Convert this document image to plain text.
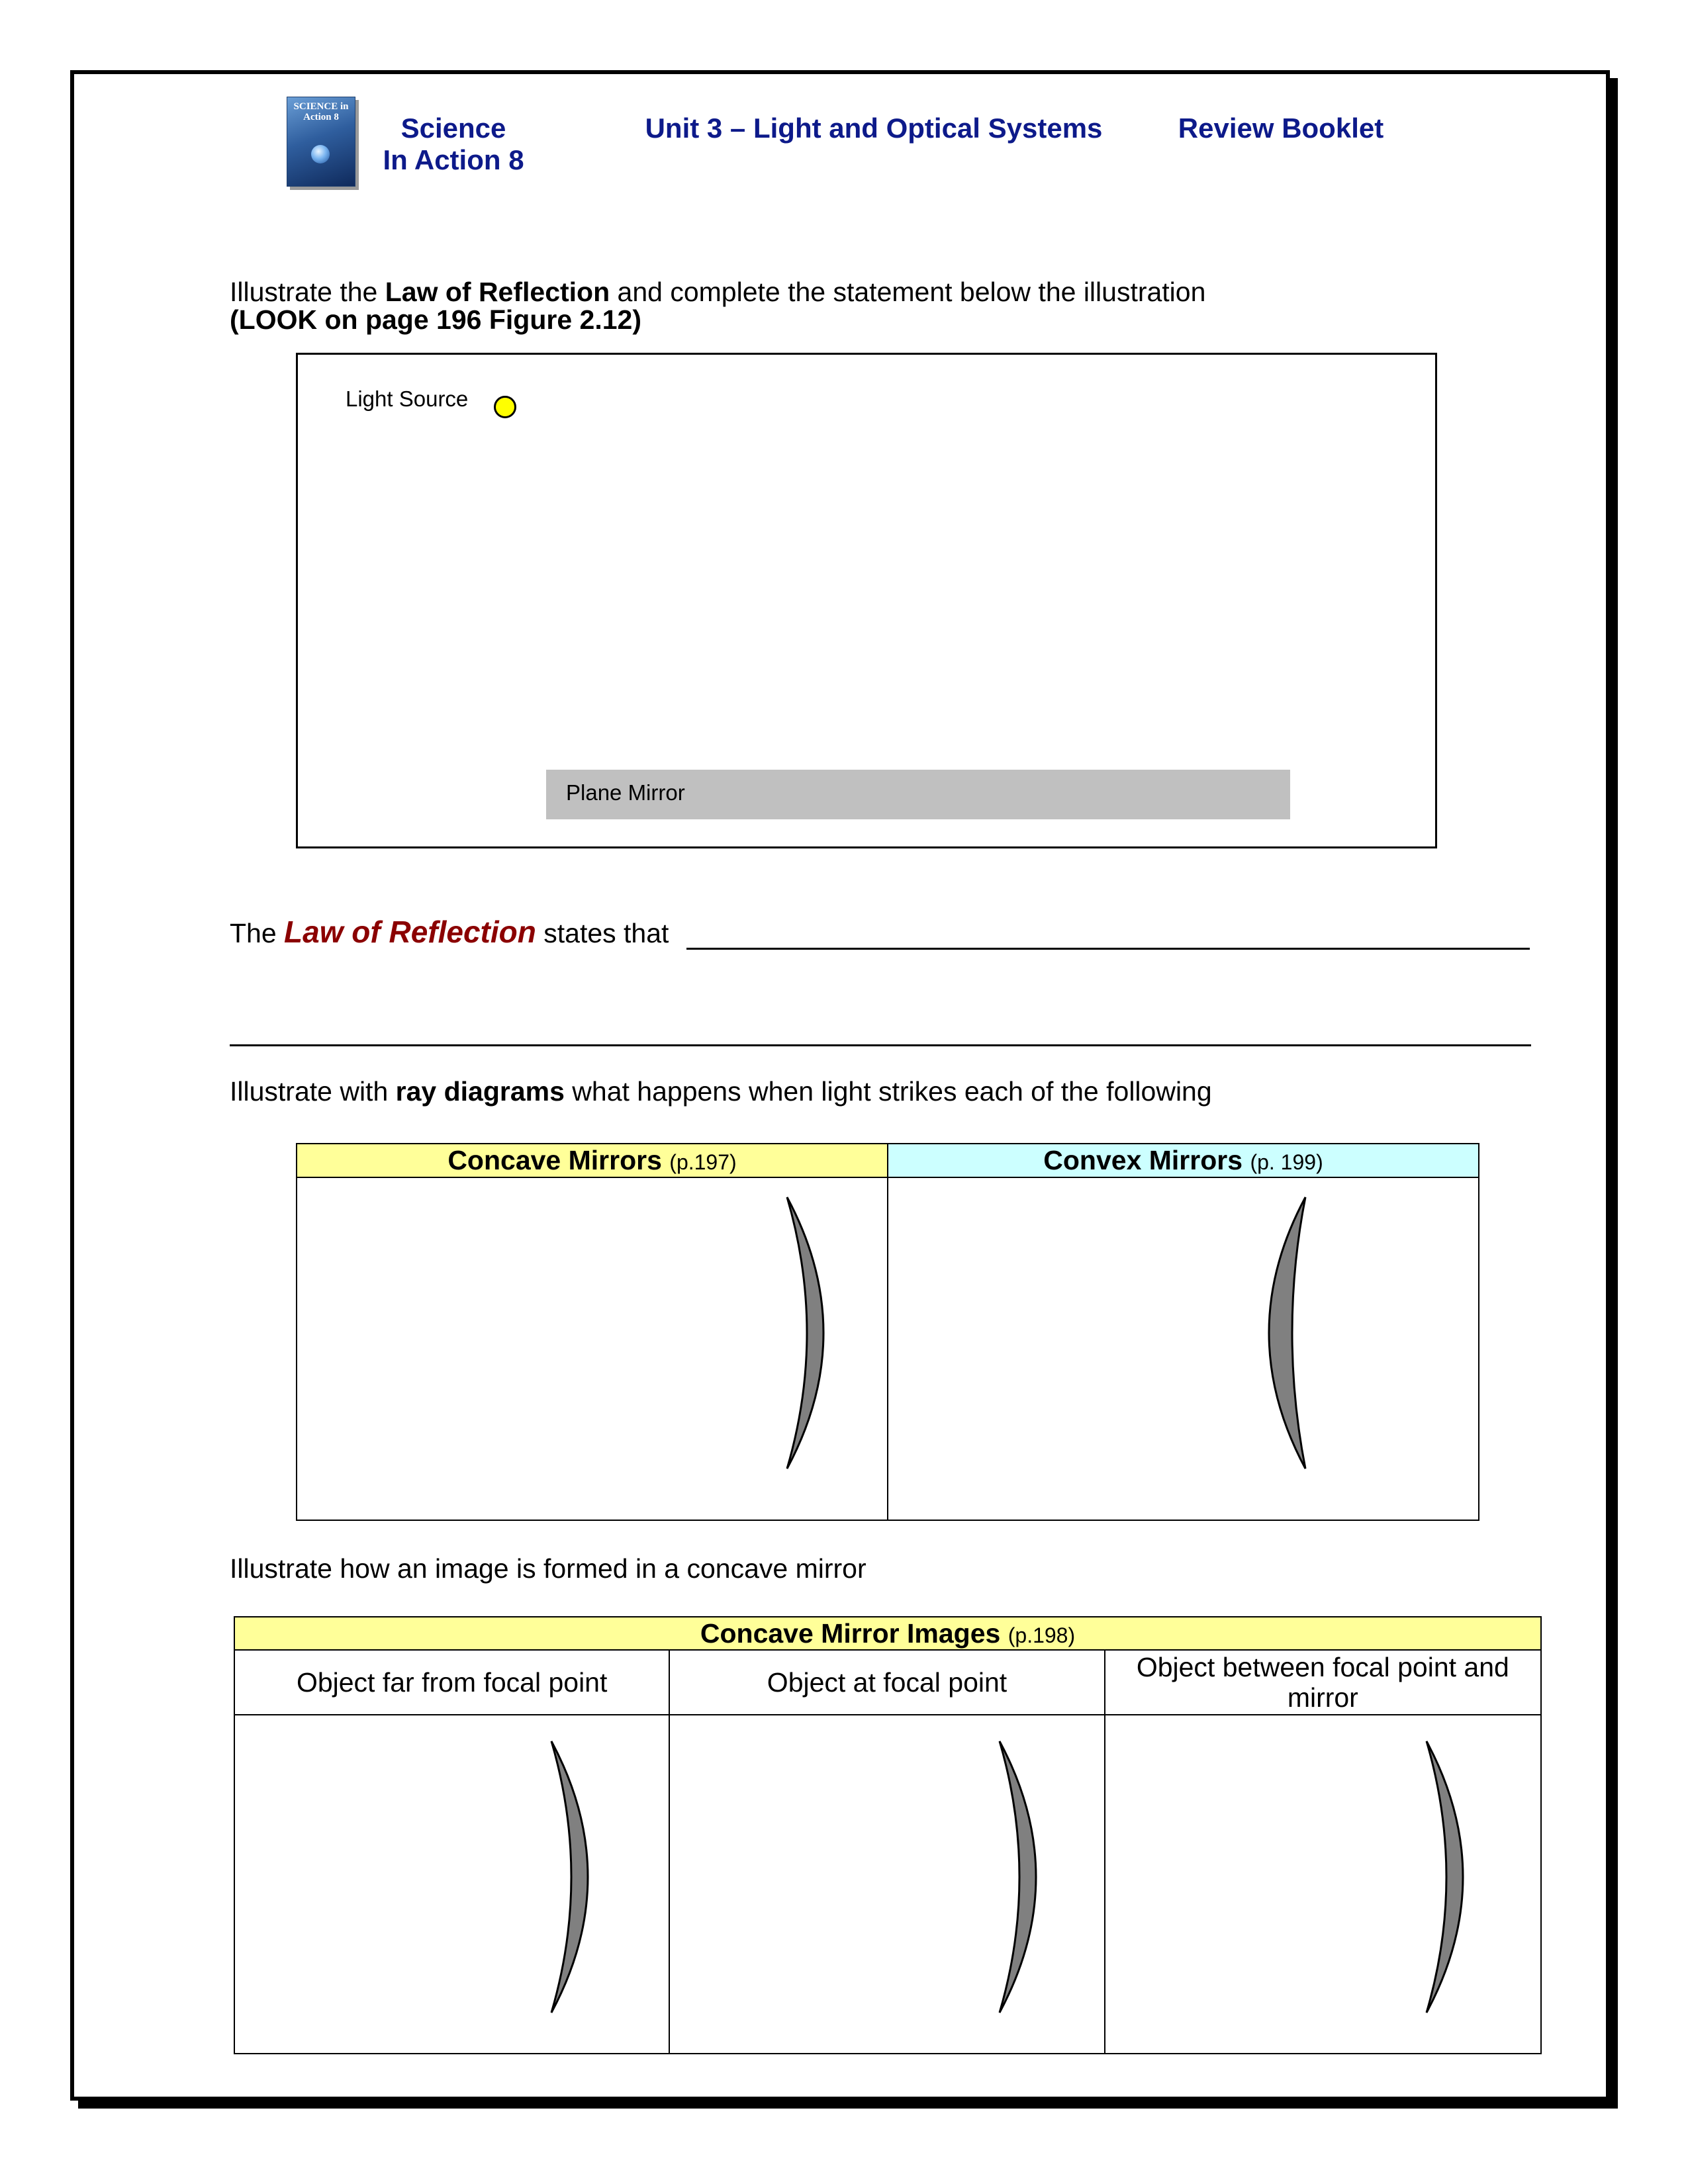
SCIENCE in Action 8	Science
In Action 8
Unit 3 – Light and Optical Systems	Review Booklet
Illustrate the Law of Reflection and complete the statement below the illustration
(LOOK on page 196 Figure 2.12)
Light Source
Plane Mirror
The Law of Reflection states that
Illustrate with ray diagrams what happens when light strikes each of the following
Concave Mirrors (p.197)	Convex Mirrors (p. 199)

Illustrate how an image is formed in a concave mirror
Concave Mirror Images (p.198)		
Object far from focal point	Object at focal point	Object between focal point and mirror
